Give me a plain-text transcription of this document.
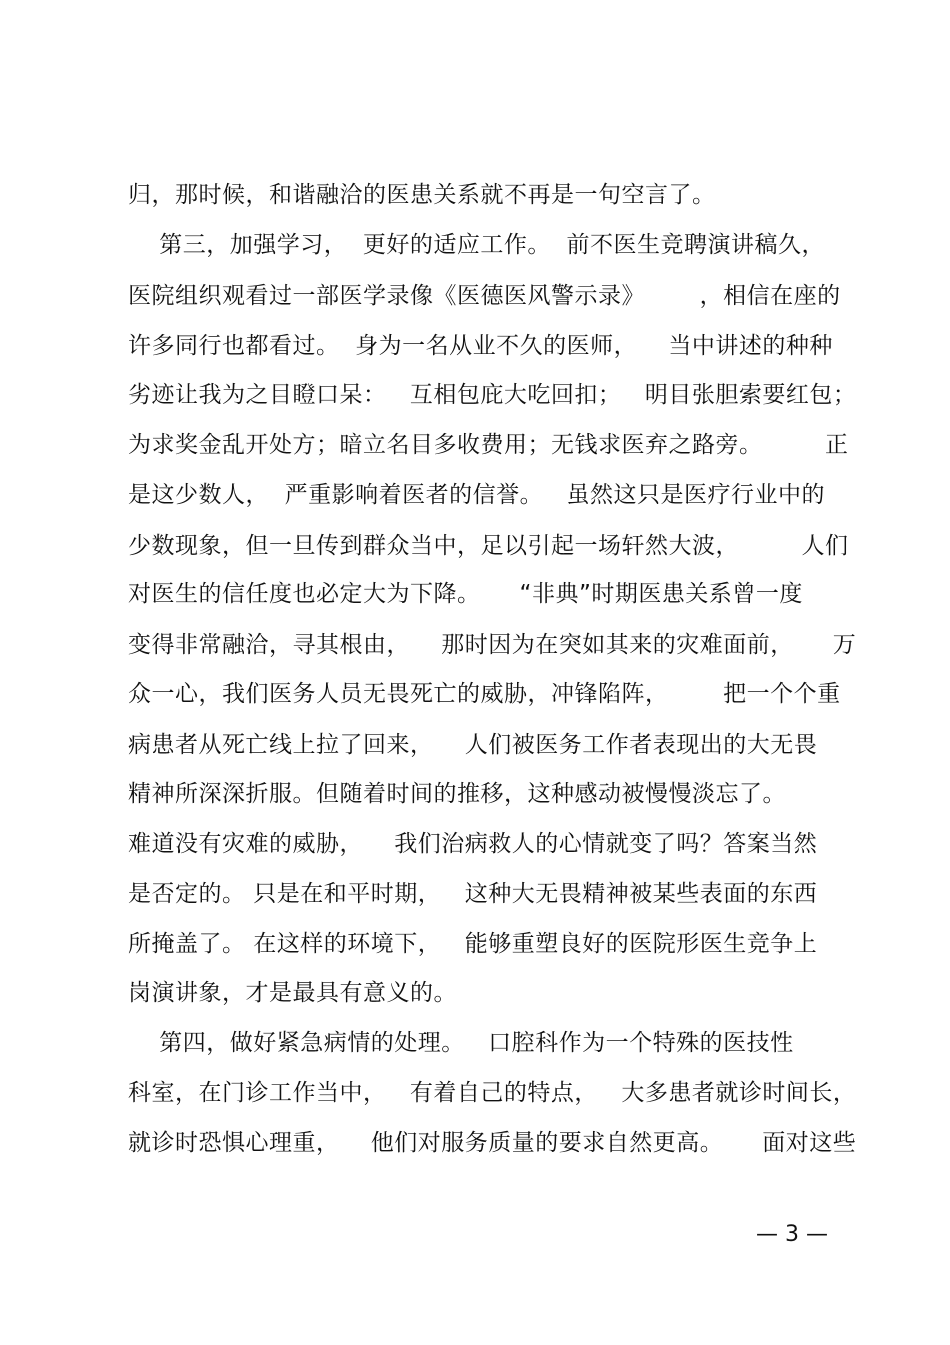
归，那时候，和谐融洽的医患关系就不再是一句空言了。
第三，加强学习，  更好的适应工作。  前不医生竞聘演讲稿久，
医院组织观看过一部医学录像《医德医风警示录》       ，相信在座的
许多同行也都看过。  身为一名从业不久的医师，    当中讲述的种种
劣迹让我为之目瞪口呆：   互相包庇大吃回扣；   明目张胆索要红包；
为求奖金乱开处方；暗立名目多收费用；无钱求医弃之路旁。        正
是这少数人，  严重影响着医者的信誉。   虽然这只是医疗行业中的
少数现象，但一旦传到群众当中，足以引起一场轩然大波，        人们
对医生的信任度也必定大为下降。     “非典”时期医患关系曾一度
变得非常融洽，寻其根由，    那时因为在突如其来的灾难面前，     万
众一心，我们医务人员无畏死亡的威胁，冲锋陷阵，       把一个个重
病患者从死亡线上拉了回来，    人们被医务工作者表现出的大无畏
精神所深深折服。但随着时间的推移，这种感动被慢慢淡忘了。
难道没有灾难的威胁，    我们治病救人的心情就变了吗？答案当然
是否定的。 只是在和平时期，   这种大无畏精神被某些表面的东西
所掩盖了。 在这样的环境下，   能够重塑良好的医院形医生竞争上
岗演讲象，才是最具有意义的。
第四，做好紧急病情的处理。   口腔科作为一个特殊的医技性
科室，在门诊工作当中，   有着自己的特点，   大多患者就诊时间长，
就诊时恐惧心理重，    他们对服务质量的要求自然更高。     面对这些
— 3 —
